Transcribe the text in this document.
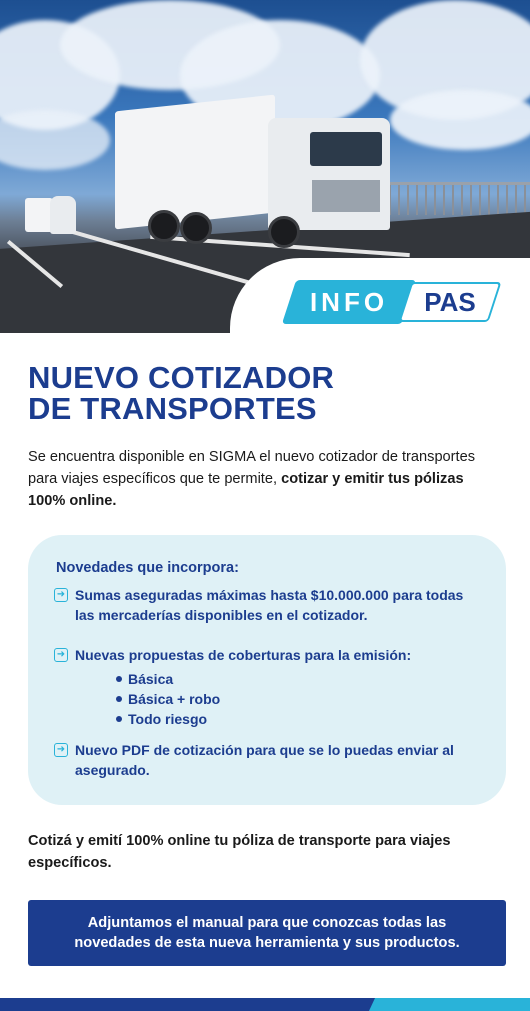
INFO	PAS
NUEVO COTIZADOR
DE TRANSPORTES

Se encuentra disponible en SIGMA el nuevo cotizador de transportes para viajes específicos que te permite, cotizar y emitir tus pólizas 100% online.

Novedades que incorpora:

➜ Sumas aseguradas máximas hasta $10.000.000 para todas las mercaderías disponibles en el cotizador.
➜ Nuevas propuestas de coberturas para la emisión:
Básica
Básica + robo
Todo riesgo
➜ Nuevo PDF de cotización para que se lo puedas enviar al asegurado.

Cotizá y emití 100% online tu póliza de transporte para viajes específicos.

Adjuntamos el manual para que conozcas todas las novedades de esta nueva herramienta y sus productos.
